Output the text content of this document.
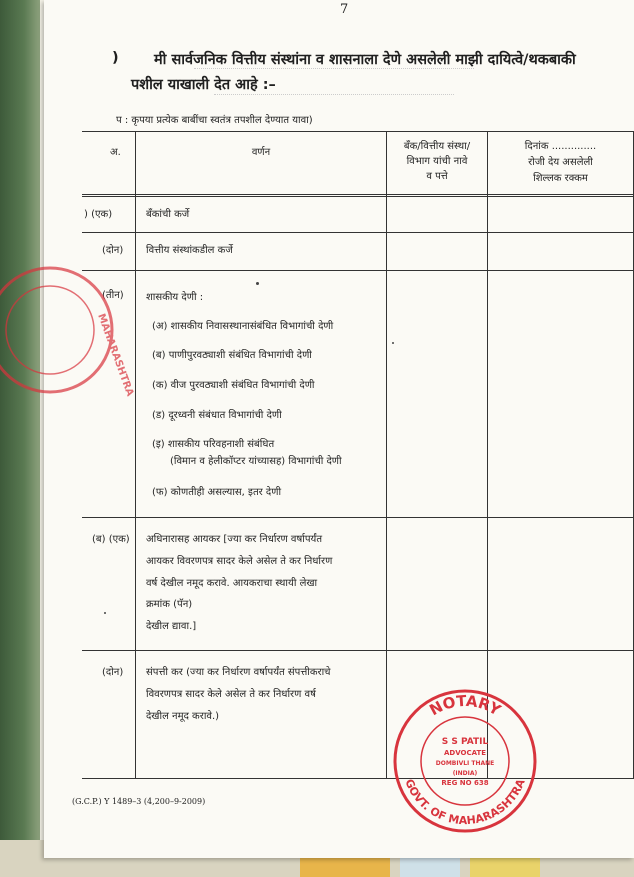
7
) मी सार्वजनिक वित्तीय संस्थांना व शासनाला देणे असलेली माझी दायित्वे/थकबाकी
पशील याखाली देत आहे :–
प : कृपया प्रत्येक बाबींचा स्वतंत्र तपशील देण्यात यावा)
अ.	वर्णन
बँक/वित्तीय संस्था/
विभाग यांची नावे
व पत्ते
दिनांक ..............
रोजी देय असलेली
शिल्लक रक्कम
) (एक)	बँकांची कर्जे
(दोन) वित्तीय संस्थांकडील कर्जे
(तीन) शासकीय देणी :
(अ) शासकीय निवासस्थानासंबंधित विभागांची देणी
(ब) पाणीपुरवठ्याशी संबंधित विभागांची देणी
(क) वीज पुरवठ्याशी संबंधित विभागांची देणी
(ड) दूरध्वनी संबंधात विभागांची देणी
(इ) शासकीय परिवहनाशी संबंधित
(विमान व हेलीकॉप्टर यांच्यासह) विभागांची देणी
(फ) कोणतीही असल्यास, इतर देणी
(ब) (एक) अधिनारासह आयकर [ज्या कर निर्धारण वर्षापर्यंत
आयकर विवरणपत्र सादर केले असेल ते कर निर्धारण
वर्ष देखील नमूद करावे. आयकराचा स्थायी लेखा
क्रमांक (पॅन)
देखील द्यावा.]
(दोन) संपत्ती कर (ज्या कर निर्धारण वर्षापर्यंत संपत्तीकराचे
विवरणपत्र सादर केले असेल ते कर निर्धारण वर्ष
देखील नमूद करावे.)
(G.C.P.) Y 1489–3 (4,200–9-2009)
MAHARASHTRA
NOTARY
GOVT. OF MAHARASHTRA
S S PATIL
ADVOCATE
DOMBIVLI THANE
(INDIA)
REG NO 638
